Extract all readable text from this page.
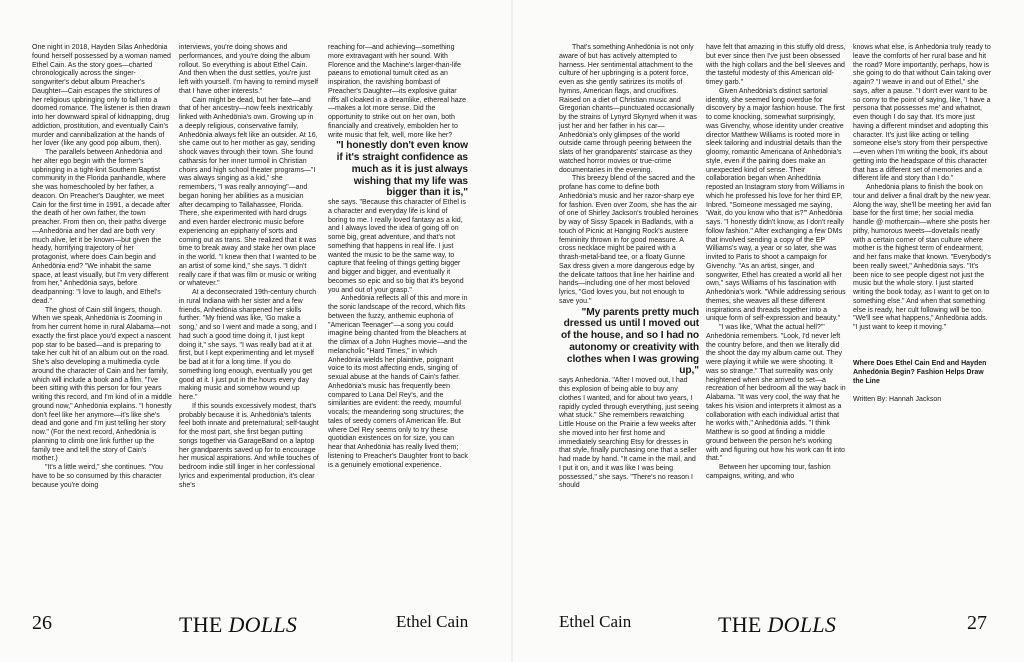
One night in 2018, Hayden Silas Anhedönia found herself possessed by a woman named Ethel Cain. As the story goes—charted chronologically across the singer-songwriter's debut album Preacher's Daughter—Cain escapes the strictures of her religious upbringing only to fall into a doomed romance. The listener is then drawn into her downward spiral of kidnapping, drug addiction, prostitution, and eventually Cain's murder and cannibalization at the hands of her lover (like any good pop album, then).

The parallels between Anhedönia and her alter ego begin with the former's upbringing in a tight-knit Southern Baptist community in the Florida panhandle, where she was homeschooled by her father, a deacon. On Preacher's Daughter, we meet Cain for the first time in 1991, a decade after the death of her own father, the town preacher. From then on, their paths diverge—Anhedönia and her dad are both very much alive, let it be known—but given the heady, horrifying trajectory of her protagonist, where does Cain begin and Anhedönia end? "We inhabit the same space, at least visually, but I'm very different from her," Anhedönia says, before deadpanning: "I love to laugh, and Ethel's dead."

The ghost of Cain still lingers, though. When we speak, Anhedönia is Zooming in from her current home in rural Alabama—not exactly the first place you'd expect a nascent pop star to be based—and is preparing to take her cult hit of an album out on the road. She's also developing a multimedia cycle around the character of Cain and her family, which will include a book and a film. "I've been sitting with this person for four years writing this record, and I'm kind of in a middle ground now," Anhedönia explains. "I honestly don't feel like her anymore—it's like she's dead and gone and I'm just telling her story now." (For the next record, Anhedönia is planning to climb one link further up the family tree and tell the story of Cain's mother.)

"It's a little weird," she continues. "You have to be so consumed by this character because you're doing

interviews, you're doing shows and performances, and you're doing the album rollout. So everything is about Ethel Cain. And then when the dust settles, you're just left with yourself. I'm having to remind myself that I have other interests."

Cain might be dead, but her fate—and that of her ancestry—now feels inextricably linked with Anhedönia's own. Growing up in a deeply religious, conservative family, Anhedönia always felt like an outsider. At 16, she came out to her mother as gay, sending shock waves through their town. She found catharsis for her inner turmoil in Christian choirs and high school theater programs—"I was always singing as a kid," she remembers, "I was really annoying"—and began honing her abilities as a musician after decamping to Tallahassee, Florida. There, she experimented with hard drugs and even harder electronic music before experiencing an epiphany of sorts and coming out as trans. She realized that it was time to break away and stake her own place in the world. "I knew then that I wanted to be an artist of some kind," she says. "I didn't really care if that was film or music or writing or whatever."

At a deconsecrated 19th-century church in rural Indiana with her sister and a few friends, Anhedönia sharpened her skills further. "My friend was like, 'Go make a song,' and so I went and made a song, and I had such a good time doing it, I just kept doing it," she says. "I was really bad at it at first, but I kept experimenting and let myself be bad at it for a long time. If you do something long enough, eventually you get good at it. I just put in the hours every day making music and somehow wound up here."

If this sounds excessively modest, that's probably because it is. Anhedönia's talents feel both innate and preternatural; self-taught for the most part, she first began putting songs together via GarageBand on a laptop her grandparents saved up for to encourage her musical aspirations. And while touches of bedroom indie still linger in her confessional lyrics and experimental production, it's clear she's

reaching for—and achieving—something more extravagant with her sound. With Florence and the Machine's larger-than-life paeans to emotional tumult cited as an inspiration, the ravishing bombast of Preacher's Daughter—its explosive guitar riffs all cloaked in a dreamlike, ethereal haze—makes a lot more sense. Did the opportunity to strike out on her own, both financially and creatively, embolden her to write music that felt, well, more like her?

"I honestly don't even know if it's straight confidence as much as it is just always wishing that my life was bigger than it is,"

she says. "Because this character of Ethel is a character and everyday life is kind of boring to me. I really loved fantasy as a kid, and I always loved the idea of going off on some big, great adventure, and that's not something that happens in real life. I just wanted the music to be the same way, to capture that feeling of things getting bigger and bigger and bigger, and eventually it becomes so epic and so big that it's beyond you and out of your grasp."

Anhedönia reflects all of this and more in the sonic landscape of the record, which flits between the fuzzy, anthemic euphoria of "American Teenager"—a song you could imagine being chanted from the bleachers at the climax of a John Hughes movie—and the melancholic "Hard Times," in which Anhedönia wields her plaintive, poignant voice to its most affecting ends, singing of sexual abuse at the hands of Cain's father. Anhedönia's music has frequently been compared to Lana Del Rey's, and the similarities are evident: the reedy, mournful vocals; the meandering song structures; the tales of seedy corners of American life. But where Del Rey seems only to try these quotidian existences on for size, you can hear that Anhedönia has really lived them; listening to Preacher's Daughter front to back is a genuinely emotional experience.

26	THE DOLLS	Ethel Cain

That's something Anhedönia is not only aware of but has actively attempted to harness. Her sentimental attachment to the culture of her upbringing is a potent force, even as she gently satirizes its motifs of hymns, American flags, and crucifixes. Raised on a diet of Christian music and Gregorian chants—punctuated occasionally by the strains of Lynyrd Skynyrd when it was just her and her father in his car—Anhedönia's only glimpses of the world outside came through peering between the slats of her grandparents' staircase as they watched horror movies or true-crime documentaries in the evening.

This breezy blend of the sacred and the profane has come to define both Anhedönia's music and her razor-sharp eye for fashion. Even over Zoom, she has the air of one of Shirley Jackson's troubled heroines by way of Sissy Spacek in Badlands, with a touch of Picnic at Hanging Rock's austere femininity thrown in for good measure. A cross necklace might be paired with a thrash-metal-band tee, or a floaty Gunne Sax dress given a more dangerous edge by the delicate tattoos that line her hairline and hands—including one of her most beloved lyrics, "God loves you, but not enough to save you."

"My parents pretty much dressed us until I moved out of the house, and so I had no autonomy or creativity with clothes when I was growing up,"

says Anhedönia. "After I moved out, I had this explosion of being able to buy any clothes I wanted, and for about two years, I rapidly cycled through everything, just seeing what stuck." She remembers rewatching Little House on the Prairie a few weeks after she moved into her first home and immediately searching Etsy for dresses in that style, finally purchasing one that a seller had made by hand. "It came in the mail, and I put it on, and it was like I was being possessed," she says. "There's no reason I should

have felt that amazing in this stuffy old dress, but ever since then I've just been obsessed with the high collars and the bell sleeves and the tasteful modesty of this American old-timey garb."

Given Anhedönia's distinct sartorial identity, she seemed long overdue for discovery by a major fashion house. The first to come knocking, somewhat surprisingly, was Givenchy, whose identity under creative director Matthew Williams is rooted more in sleek tailoring and industrial details than the gloomy, romantic Americana of Anhedönia's style, even if the pairing does make an unexpected kind of sense. Their collaboration began when Anhedönia reposted an Instagram story from Williams in which he professed his love for her third EP, Inbred. "Someone messaged me saying, 'Wait, do you know who that is?'" Anhedönia says. "I honestly didn't know, as I don't really follow fashion." After exchanging a few DMs that involved sending a copy of the EP Williams's way, a year or so later, she was invited to Paris to shoot a campaign for Givenchy. "As an artist, singer, and songwriter, Ethel has created a world all her own," says Williams of his fascination with Anhedönia's work. "While addressing serious themes, she weaves all these different inspirations and threads together into a unique form of self-expression and beauty."

"I was like, 'What the actual hell?'" Anhedönia remembers. "Look, I'd never left the country before, and then we literally did the shoot the day my album came out. They were playing it while we were shooting. It was so strange." That surreality was only heightened when she arrived to set—a recreation of her bedroom all the way back in Alabama. "It was very cool, the way that he takes his vision and interprets it almost as a collaboration with each individual artist that he works with," Anhedönia adds. "I think Matthew is so good at finding a middle ground between the person he's working with and figuring out how his work can fit into that."

Between her upcoming tour, fashion campaigns, writing, and who

knows what else, is Anhedönia truly ready to leave the comforts of her rural base and hit the road? More importantly, perhaps, how is she going to do that without Cain taking over again? "I weave in and out of Ethel," she says, after a pause. "I don't ever want to be so corny to the point of saying, like, 'I have a persona that possesses me' and whatnot, even though I do say that. It's more just having a different mindset and adopting this character. It's just like acting or telling someone else's story from their perspective—even when I'm writing the book, it's about getting into the headspace of this character that has a different set of memories and a different life and story than I do."

Anhedönia plans to finish the book on tour and deliver a final draft by the new year. Along the way, she'll be meeting her avid fan base for the first time; her social media handle @ mothercain—where she posts her pithy, humorous tweets—dovetails neatly with a certain corner of stan culture where mother is the highest term of endearment, and her fans make that known. "Everybody's been really sweet," Anhedönia says. "It's been nice to see people digest not just the music but the whole story. I just started writing the book today, as I want to get on to something else." And when that something else is ready, her cult following will be too. "We'll see what happens," Anhedönia adds. "I just want to keep it moving."

Where Does Ethel Cain End and Hayden Anhedönia Begin? Fashion Helps Draw the Line

Written By: Hannah Jackson

Ethel Cain	THE DOLLS	27
